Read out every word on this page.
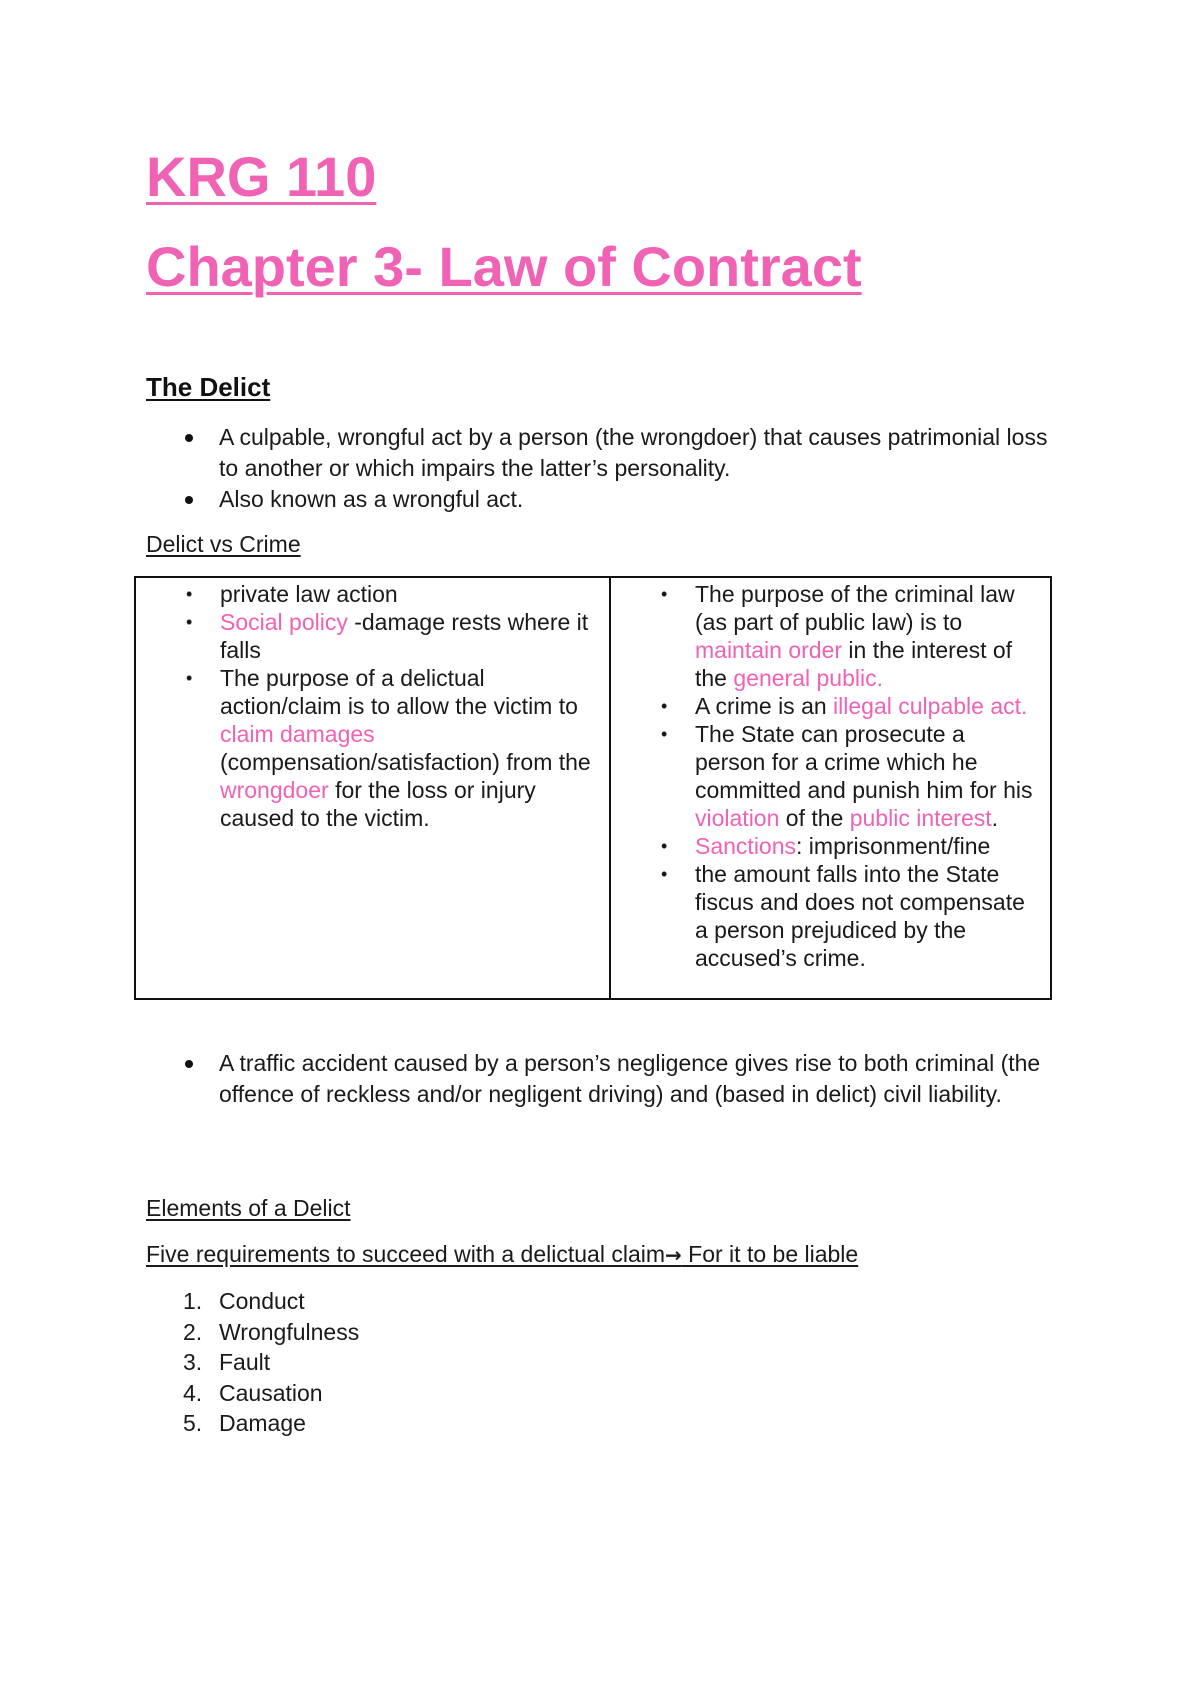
KRG 110
Chapter 3- Law of Contract
The Delict
A culpable, wrongful act by a person (the wrongdoer) that causes patrimonial loss to another or which impairs the latter’s personality.
Also known as a wrongful act.

Delict vs Crime

• private law action
• Social policy -damage rests where it falls
• The purpose of a delictual action/claim is to allow the victim to claim damages (compensation/satisfaction) from the wrongdoer for the loss or injury caused to the victim.

• The purpose of the criminal law (as part of public law) is to maintain order in the interest of the general public.
• A crime is an illegal culpable act.
• The State can prosecute a person for a crime which he committed and punish him for his violation of the public interest.
• Sanctions: imprisonment/fine
• the amount falls into the State fiscus and does not compensate a person prejudiced by the accused’s crime.
A traffic accident caused by a person’s negligence gives rise to both criminal (the offence of reckless and/or negligent driving) and (based in delict) civil liability.

Elements of a Delict

Five requirements to succeed with a delictual claim→ For it to be liable

1. Conduct
2. Wrongfulness
3. Fault
4. Causation
5. Damage
